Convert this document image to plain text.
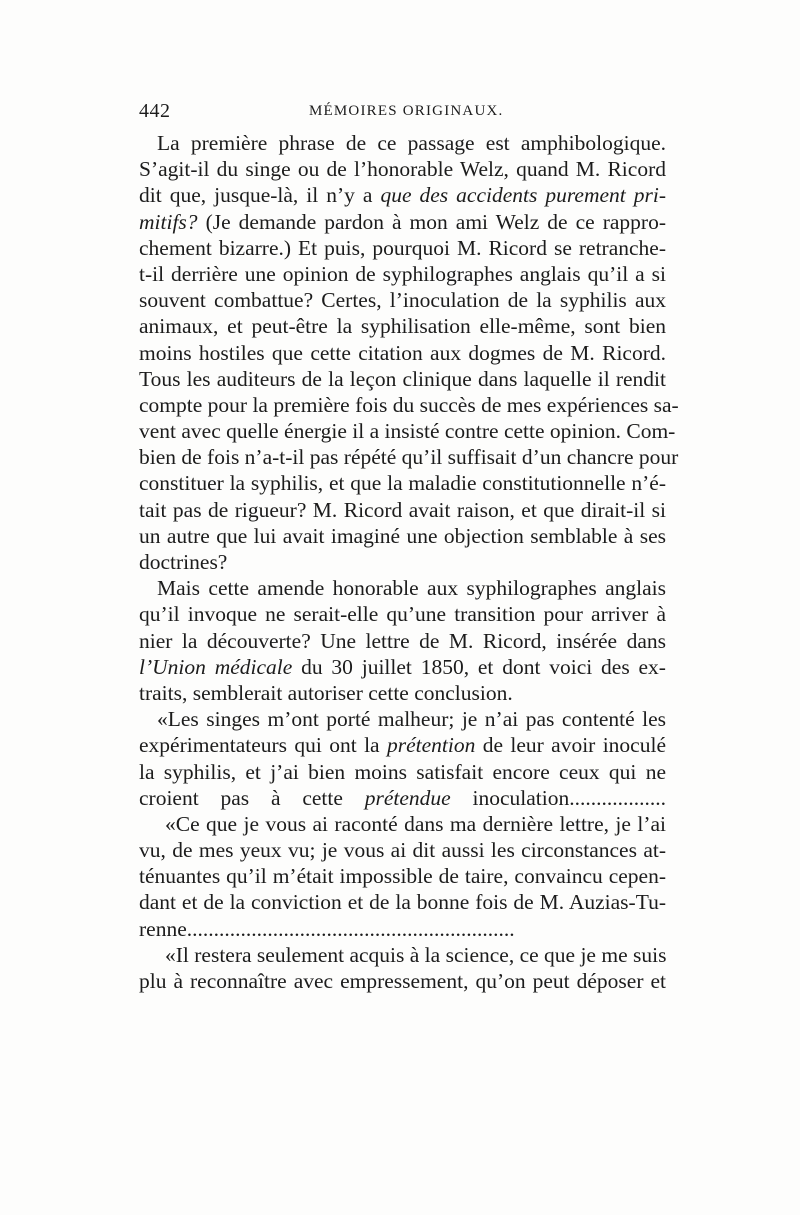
442	MÉMOIRES ORIGINAUX.
La première phrase de ce passage est amphibologique.
S’agit-il du singe ou de l’honorable Welz, quand M. Ricord
dit que, jusque-là, il n’y a que des accidents purement pri-
mitifs? (Je demande pardon à mon ami Welz de ce rappro-
chement bizarre.) Et puis, pourquoi M. Ricord se retranche-
t-il derrière une opinion de syphilographes anglais qu’il a si
souvent combattue? Certes, l’inoculation de la syphilis aux
animaux, et peut-être la syphilisation elle-même, sont bien
moins hostiles que cette citation aux dogmes de M. Ricord.
Tous les auditeurs de la leçon clinique dans laquelle il rendit
compte pour la première fois du succès de mes expériences sa-
vent avec quelle énergie il a insisté contre cette opinion. Com-
bien de fois n’a-t-il pas répété qu’il suffisait d’un chancre pour
constituer la syphilis, et que la maladie constitutionnelle n’é-
tait pas de rigueur? M. Ricord avait raison, et que dirait-il si
un autre que lui avait imaginé une objection semblable à ses
doctrines?
Mais cette amende honorable aux syphilographes anglais
qu’il invoque ne serait-elle qu’une transition pour arriver à
nier la découverte? Une lettre de M. Ricord, insérée dans
l’Union médicale du 30 juillet 1850, et dont voici des ex-
traits, semblerait autoriser cette conclusion.
«Les singes m’ont porté malheur; je n’ai pas contenté les
expérimentateurs qui ont la prétention de leur avoir inoculé
la syphilis, et j’ai bien moins satisfait encore ceux qui ne
croient pas à cette prétendue inoculation..................
«Ce que je vous ai raconté dans ma dernière lettre, je l’ai
vu, de mes yeux vu; je vous ai dit aussi les circonstances at-
ténuantes qu’il m’était impossible de taire, convaincu cepen-
dant et de la conviction et de la bonne fois de M. Auzias-Tu-
renne.............................................................
«Il restera seulement acquis à la science, ce que je me suis
plu à reconnaître avec empressement, qu’on peut déposer et
